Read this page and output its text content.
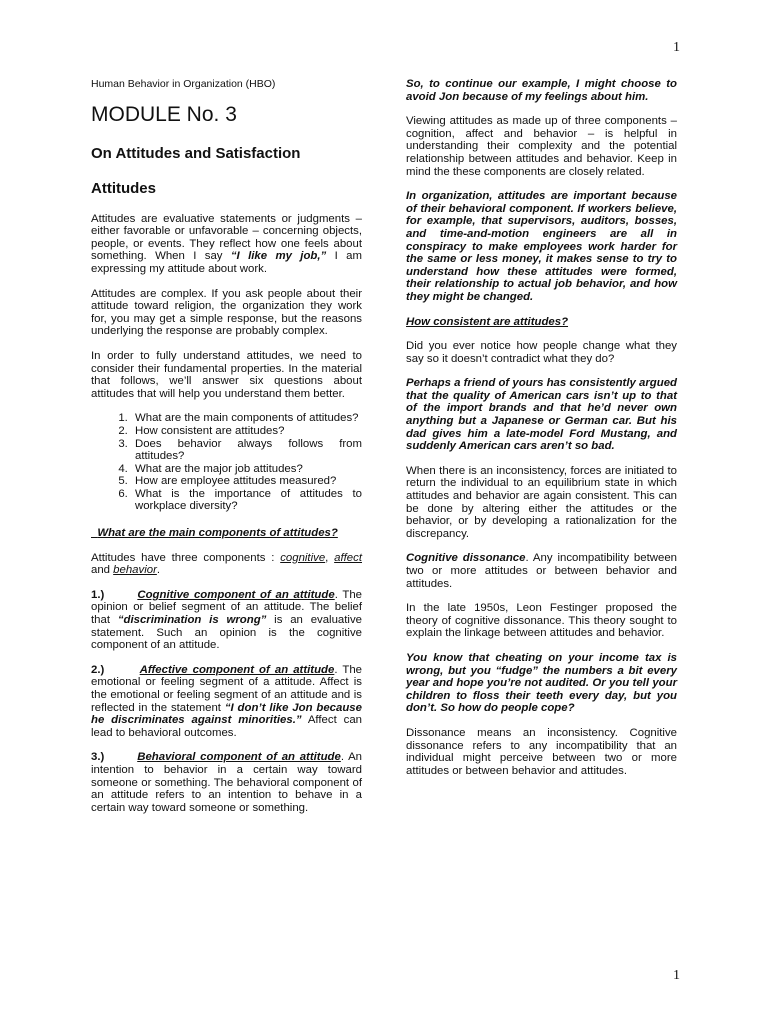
1
Human Behavior in Organization (HBO)
MODULE No. 3
On Attitudes and Satisfaction
Attitudes

Attitudes are evaluative statements or judgments – either favorable or unfavorable – concerning objects, people, or events. They reflect how one feels about something. When I say “I like my job,” I am expressing my attitude about work.

Attitudes are complex. If you ask people about their attitude toward religion, the organization they work for, you may get a simple response, but the reasons underlying the response are probably complex.

In order to fully understand attitudes, we need to consider their fundamental properties. In the material that follows, we’ll answer six questions about attitudes that will help you understand them better.

1. What are the main components of attitudes?
2. How consistent are attitudes?
3. Does behavior always follows from attitudes?
4. What are the major job attitudes?
5. How are employee attitudes measured?
6. What is the importance of attitudes to workplace diversity?
What are the main components of attitudes?

Attitudes have three components : cognitive, affect and behavior.

1.)	Cognitive component of an attitude. The opinion or belief segment of an attitude. The belief that “discrimination is wrong” is an evaluative statement. Such an opinion is the cognitive component of an attitude.

2.)	Affective component of an attitude. The emotional or feeling segment of a attitude. Affect is the emotional or feeling segment of an attitude and is reflected in the statement “I don’t like Jon because he discriminates against minorities.” Affect can lead to behavioral outcomes.

3.)	Behavioral component of an attitude. An intention to behavior in a certain way toward someone or something. The behavioral component of an attitude refers to an intention to behave in a certain way toward someone or something.

So, to continue our example, I might choose to avoid Jon because of my feelings about him.

Viewing attitudes as made up of three components –cognition, affect and behavior – is helpful in understanding their complexity and the potential relationship between attitudes and behavior. Keep in mind the these components are closely related.

In organization, attitudes are important because of their behavioral component. If workers believe, for example, that supervisors, auditors, bosses, and time-and-motion engineers are all in conspiracy to make employees work harder for the same or less money, it makes sense to try to understand how these attitudes were formed, their relationship to actual job behavior, and how they might be changed.

How consistent are attitudes?

Did you ever notice how people change what they say so it doesn’t contradict what they do?

Perhaps a friend of yours has consistently argued that the quality of American cars isn’t up to that of the import brands and that he’d never own anything but a Japanese or German car. But his dad gives him a late-model Ford Mustang, and suddenly American cars aren’t so bad.

When there is an inconsistency, forces are initiated to return the individual to an equilibrium state in which attitudes and behavior are again consistent. This can be done by altering either the attitudes or the behavior, or by developing a rationalization for the discrepancy.

Cognitive dissonance. Any incompatibility between two or more attitudes or between behavior and attitudes.

In the late 1950s, Leon Festinger proposed the theory of cognitive dissonance. This theory sought to explain the linkage between attitudes and behavior.

You know that cheating on your income tax is wrong, but you “fudge” the numbers a bit every year and hope you’re not audited. Or you tell your children to floss their teeth every day, but you don’t. So how do people cope?

Dissonance means an inconsistency. Cognitive dissonance refers to any incompatibility that an individual might perceive between two or more attitudes or between behavior and attitudes.

1
